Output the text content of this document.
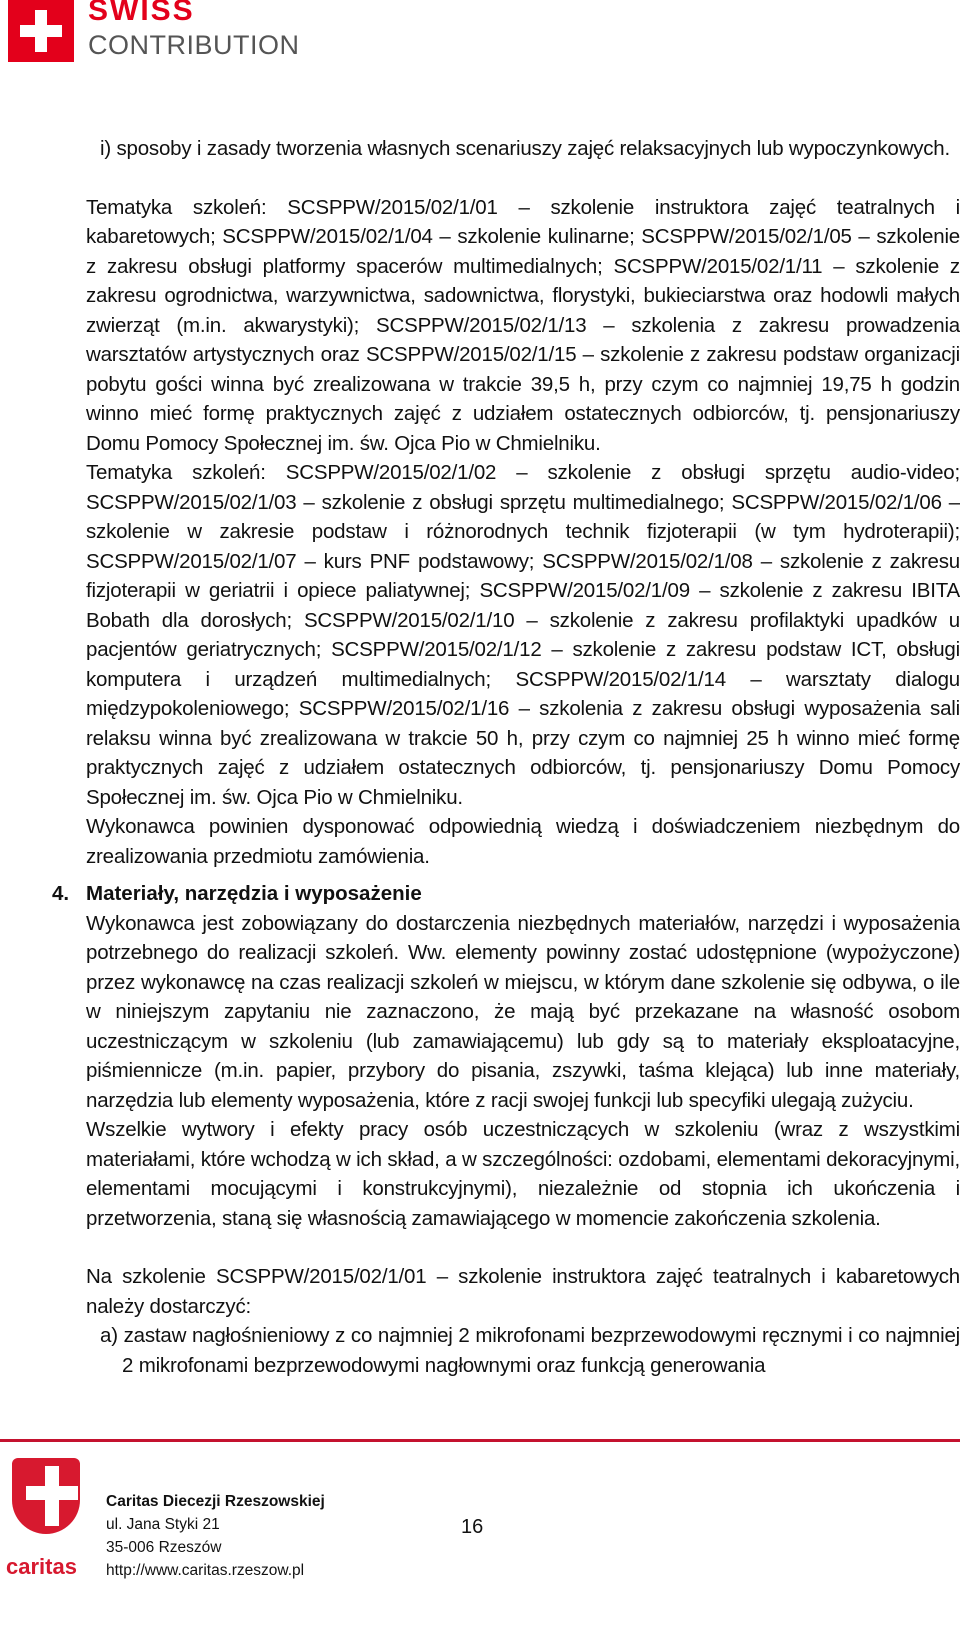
SWISS
CONTRIBUTION

i) sposoby i zasady tworzenia własnych scenariuszy zajęć relaksacyjnych lub wypoczynkowych.

Tematyka szkoleń: SCSPPW/2015/02/1/01 – szkolenie instruktora zajęć teatralnych i kabaretowych; SCSPPW/2015/02/1/04 – szkolenie kulinarne; SCSPPW/2015/02/1/05 – szkolenie z zakresu obsługi platformy spacerów multimedialnych; SCSPPW/2015/02/1/11 – szkolenie z zakresu ogrodnictwa, warzywnictwa, sadownictwa, florystyki, bukieciarstwa oraz hodowli małych zwierząt (m.in. akwarystyki); SCSPPW/2015/02/1/13 – szkolenia z zakresu prowadzenia warsztatów artystycznych oraz SCSPPW/2015/02/1/15 – szkolenie z zakresu podstaw organizacji pobytu gości winna być zrealizowana w trakcie 39,5 h, przy czym co najmniej 19,75 h godzin winno mieć formę praktycznych zajęć z udziałem ostatecznych odbiorców, tj. pensjonariuszy Domu Pomocy Społecznej im. św. Ojca Pio w Chmielniku.

Tematyka szkoleń: SCSPPW/2015/02/1/02 – szkolenie z obsługi sprzętu audio-video; SCSPPW/2015/02/1/03 – szkolenie z obsługi sprzętu multimedialnego; SCSPPW/2015/02/1/06 – szkolenie w zakresie podstaw i różnorodnych technik fizjoterapii (w tym hydroterapii); SCSPPW/2015/02/1/07 – kurs PNF podstawowy; SCSPPW/2015/02/1/08 – szkolenie z zakresu fizjoterapii w geriatrii i opiece paliatywnej; SCSPPW/2015/02/1/09 – szkolenie z zakresu IBITA Bobath dla dorosłych; SCSPPW/2015/02/1/10 – szkolenie z zakresu profilaktyki upadków u pacjentów geriatrycznych; SCSPPW/2015/02/1/12 – szkolenie z zakresu podstaw ICT, obsługi komputera i urządzeń multimedialnych; SCSPPW/2015/02/1/14 – warsztaty dialogu międzypokoleniowego; SCSPPW/2015/02/1/16 – szkolenia z zakresu obsługi wyposażenia sali relaksu winna być zrealizowana w trakcie 50 h, przy czym co najmniej 25 h winno mieć formę praktycznych zajęć z udziałem ostatecznych odbiorców, tj. pensjonariuszy Domu Pomocy Społecznej im. św. Ojca Pio w Chmielniku.

Wykonawca powinien dysponować odpowiednią wiedzą i doświadczeniem niezbędnym do zrealizowania przedmiotu zamówienia.

4. Materiały, narzędzia i wyposażenie

Wykonawca jest zobowiązany do dostarczenia niezbędnych materiałów, narzędzi i wyposażenia potrzebnego do realizacji szkoleń. Ww. elementy powinny zostać udostępnione (wypożyczone) przez wykonawcę na czas realizacji szkoleń w miejscu, w którym dane szkolenie się odbywa, o ile w niniejszym zapytaniu nie zaznaczono, że mają być przekazane na własność osobom uczestniczącym w szkoleniu (lub zamawiającemu) lub gdy są to materiały eksploatacyjne, piśmiennicze (m.in. papier, przybory do pisania, zszywki, taśma klejąca) lub inne materiały, narzędzia lub elementy wyposażenia, które z racji swojej funkcji lub specyfiki ulegają zużyciu.

Wszelkie wytwory i efekty pracy osób uczestniczących w szkoleniu (wraz z wszystkimi materiałami, które wchodzą w ich skład, a w szczególności: ozdobami, elementami dekoracyjnymi, elementami mocującymi i konstrukcyjnymi), niezależnie od stopnia ich ukończenia i przetworzenia, staną się własnością zamawiającego w momencie zakończenia szkolenia.

Na szkolenie SCSPPW/2015/02/1/01 – szkolenie instruktora zajęć teatralnych i kabaretowych należy dostarczyć:

a) zastaw nagłośnieniowy z co najmniej 2 mikrofonami bezprzewodowymi ręcznymi i co najmniej 2 mikrofonami bezprzewodowymi nagłownymi oraz funkcją generowania

caritas
Caritas Diecezji Rzeszowskiej
ul. Jana Styki 21
35-006 Rzeszów
http://www.caritas.rzeszow.pl
16
